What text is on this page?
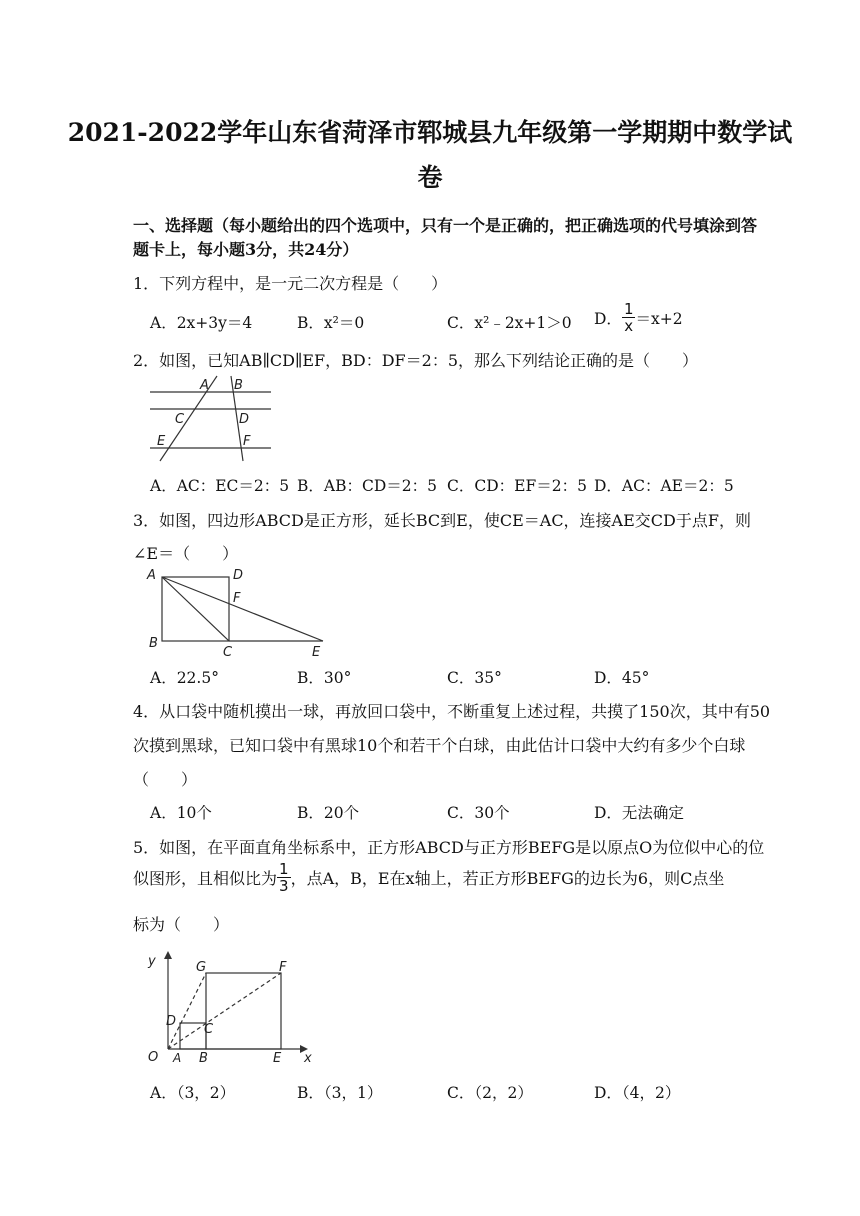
2021-2022学年山东省菏泽市郓城县九年级第一学期期中数学试
卷
一、选择题（每小题给出的四个选项中，只有一个是正确的，把正确选项的代号填涂到答
题卡上，每小题3分，共24分）
1．下列方程中，是一元二次方程是（　　）
A．2x+3y＝4	B．x²＝0	C．x²﹣2x+1＞0 D． $\frac{1}{x} =x+2$
2．如图，已知AB∥CD∥EF，BD：DF＝2：5，那么下列结论正确的是（　　）
A B
C	D
E	F
A．AC：EC＝2：5 B．AB：CD＝2：5 C．CD：EF＝2：5 D．AC：AE＝2：5
3．如图，四边形ABCD是正方形，延长BC到E，使CE＝AC，连接AE交CD于点F，则
∠E＝（　　）
A	D
F
B
C	E
A．22.5°	B．30°	C．35°	D．45°
4．从口袋中随机摸出一球，再放回口袋中，不断重复上述过程，共摸了150次，其中有50
次摸到黑球，已知口袋中有黑球10个和若干个白球，由此估计口袋中大约有多少个白球
（　　）
A．10个	B．20个	C．30个	D．无法确定
5．如图，在平面直角坐标系中，正方形ABCD与正方形BEFG是以原点O为位似中心的位
似图形，且相似比为 $\frac{1}{3}$ ，点A，B，E在x轴上，若正方形BEFG的边长为6，则C点坐
标为（　　）
y	G	F
D
C
O A B	E x
A．（3，2）	B．（3，1）	C．（2，2）	D．（4，2）
